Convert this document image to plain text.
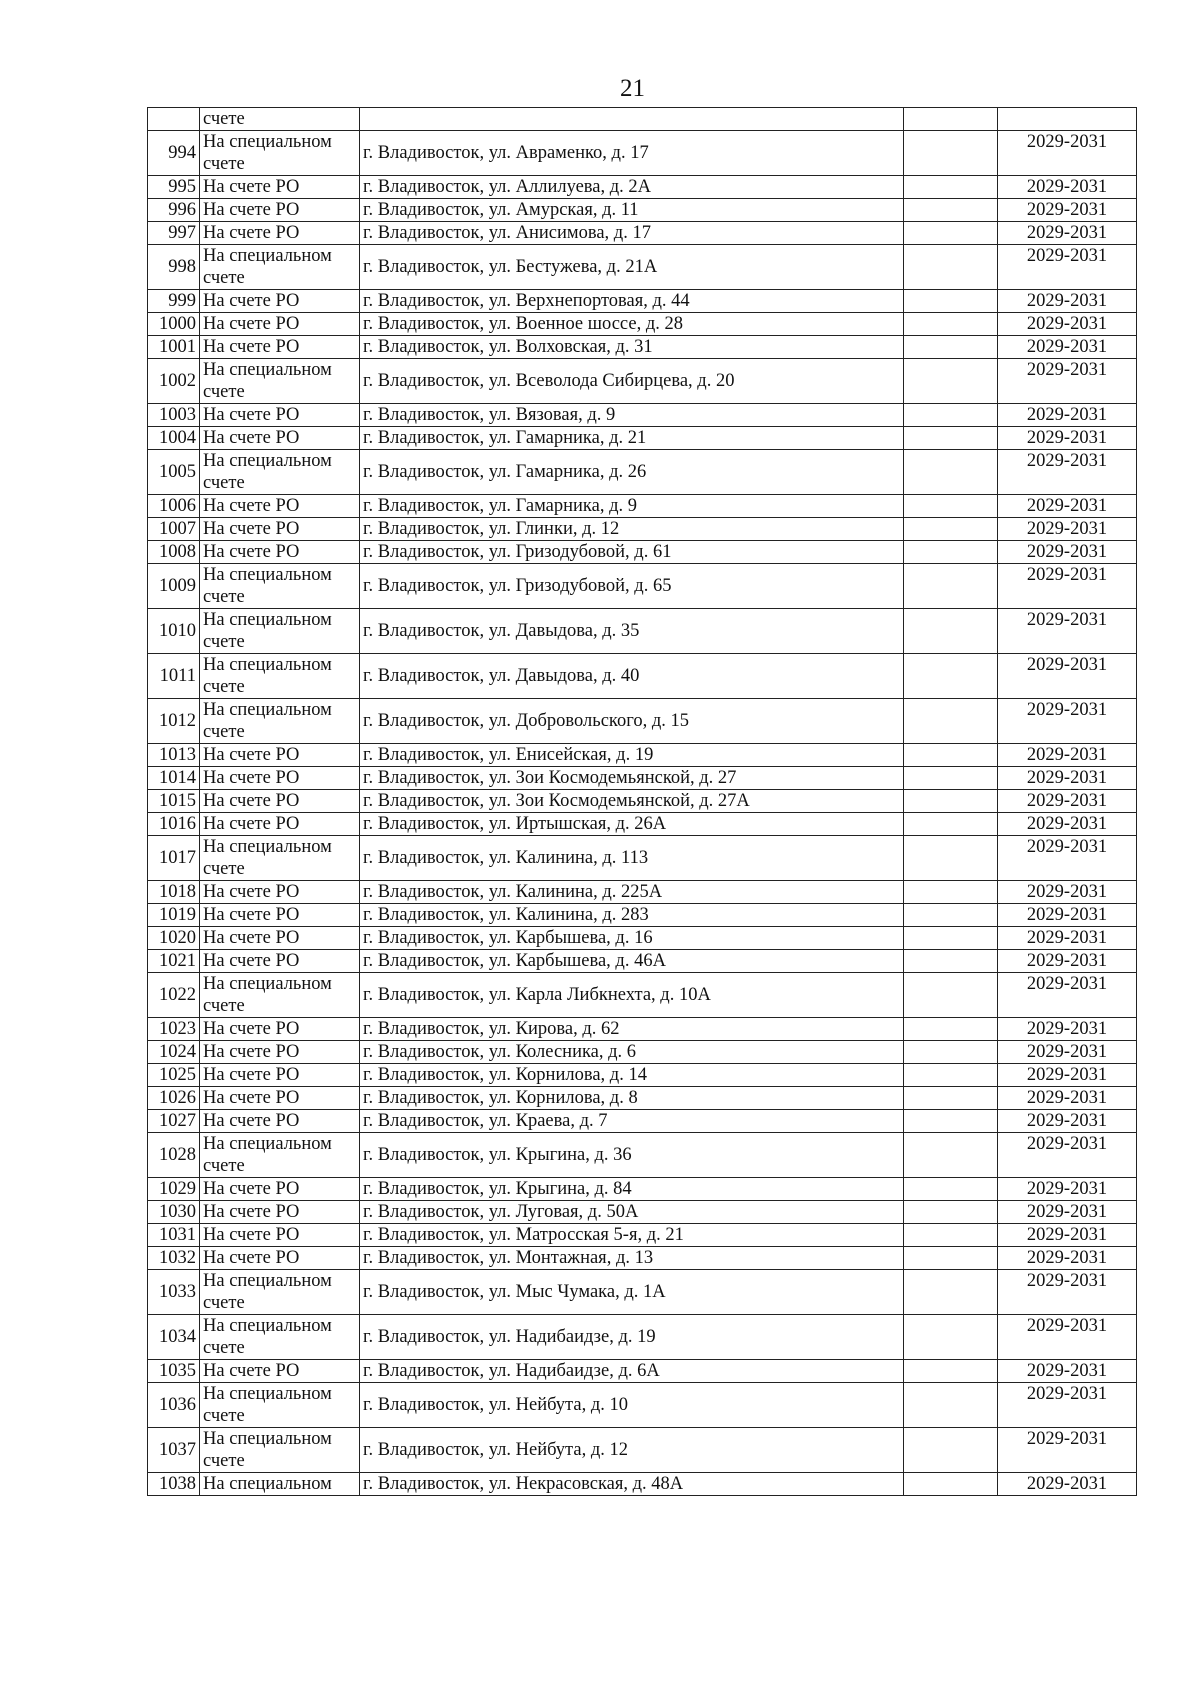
21

	счете			

994	На специальном
счете	г. Владивосток, ул. Авраменко, д. 17		2029-2031
995	На счете РО	г. Владивосток, ул. Аллилуева, д. 2А		2029-2031
996	На счете РО	г. Владивосток, ул. Амурская, д. 11		2029-2031
997	На счете РО	г. Владивосток, ул. Анисимова, д. 17		2029-2031
998	На специальном
счете	г. Владивосток, ул. Бестужева, д. 21А		2029-2031
999	На счете РО	г. Владивосток, ул. Верхнепортовая, д. 44		2029-2031
1000	На счете РО	г. Владивосток, ул. Военное шоссе, д. 28		2029-2031
1001	На счете РО	г. Владивосток, ул. Волховская, д. 31		2029-2031
1002	На специальном
счете	г. Владивосток, ул. Всеволода Сибирцева, д. 20		2029-2031
1003	На счете РО	г. Владивосток, ул. Вязовая, д. 9		2029-2031
1004	На счете РО	г. Владивосток, ул. Гамарника, д. 21		2029-2031
1005	На специальном
счете	г. Владивосток, ул. Гамарника, д. 26		2029-2031
1006	На счете РО	г. Владивосток, ул. Гамарника, д. 9		2029-2031
1007	На счете РО	г. Владивосток, ул. Глинки, д. 12		2029-2031
1008	На счете РО	г. Владивосток, ул. Гризодубовой, д. 61		2029-2031
1009	На специальном
счете	г. Владивосток, ул. Гризодубовой, д. 65		2029-2031
1010	На специальном
счете	г. Владивосток, ул. Давыдова, д. 35		2029-2031
1011	На специальном
счете	г. Владивосток, ул. Давыдова, д. 40		2029-2031
1012	На специальном
счете	г. Владивосток, ул. Добровольского, д. 15		2029-2031
1013	На счете РО	г. Владивосток, ул. Енисейская, д. 19		2029-2031
1014	На счете РО	г. Владивосток, ул. Зои Космодемьянской, д. 27		2029-2031
1015	На счете РО	г. Владивосток, ул. Зои Космодемьянской, д. 27А		2029-2031
1016	На счете РО	г. Владивосток, ул. Иртышская, д. 26А		2029-2031
1017	На специальном
счете	г. Владивосток, ул. Калинина, д. 113		2029-2031
1018	На счете РО	г. Владивосток, ул. Калинина, д. 225А		2029-2031
1019	На счете РО	г. Владивосток, ул. Калинина, д. 283		2029-2031
1020	На счете РО	г. Владивосток, ул. Карбышева, д. 16		2029-2031
1021	На счете РО	г. Владивосток, ул. Карбышева, д. 46А		2029-2031
1022	На специальном
счете	г. Владивосток, ул. Карла Либкнехта, д. 10А		2029-2031
1023	На счете РО	г. Владивосток, ул. Кирова, д. 62		2029-2031
1024	На счете РО	г. Владивосток, ул. Колесника, д. 6		2029-2031
1025	На счете РО	г. Владивосток, ул. Корнилова, д. 14		2029-2031
1026	На счете РО	г. Владивосток, ул. Корнилова, д. 8		2029-2031
1027	На счете РО	г. Владивосток, ул. Краева, д. 7		2029-2031
1028	На специальном
счете	г. Владивосток, ул. Крыгина, д. 36		2029-2031
1029	На счете РО	г. Владивосток, ул. Крыгина, д. 84		2029-2031
1030	На счете РО	г. Владивосток, ул. Луговая, д. 50А		2029-2031
1031	На счете РО	г. Владивосток, ул. Матросская 5-я, д. 21		2029-2031
1032	На счете РО	г. Владивосток, ул. Монтажная, д. 13		2029-2031
1033	На специальном
счете	г. Владивосток, ул. Мыс Чумака, д. 1А		2029-2031
1034	На специальном
счете	г. Владивосток, ул. Надибаидзе, д. 19		2029-2031
1035	На счете РО	г. Владивосток, ул. Надибаидзе, д. 6А		2029-2031
1036	На специальном
счете	г. Владивосток, ул. Нейбута, д. 10		2029-2031
1037	На специальном
счете	г. Владивосток, ул. Нейбута, д. 12		2029-2031
1038	На специальном	г. Владивосток, ул. Некрасовская, д. 48А		2029-2031
